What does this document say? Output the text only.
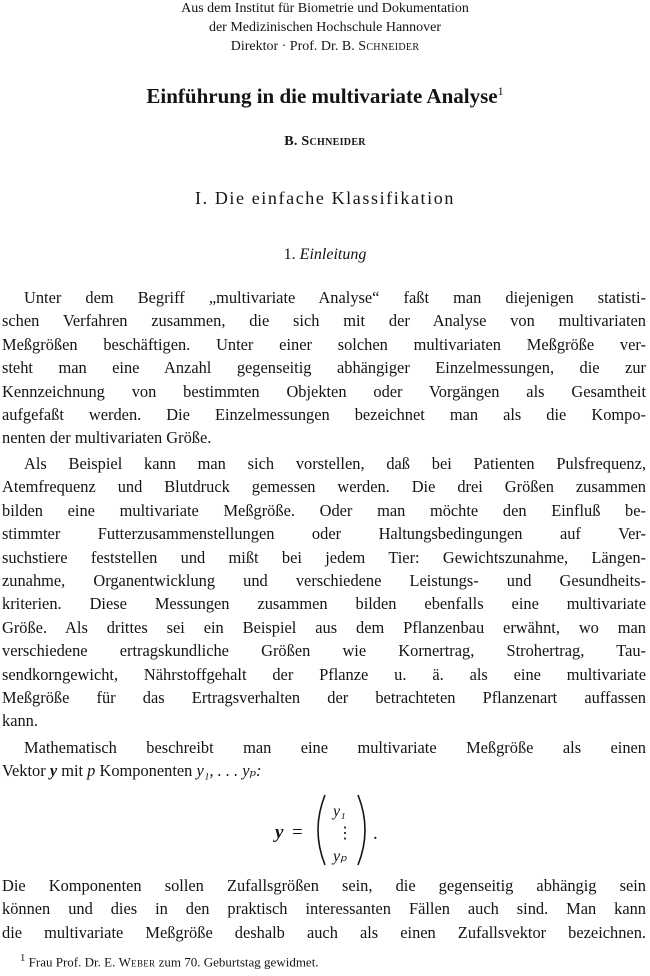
Aus dem Institut für Biometrie und Dokumentation
der Medizinischen Hochschule Hannover
Direktor · Prof. Dr. B. Schneider
Einführung in die multivariate Analyse$^1$
B. Schneider
I. Die einfache Klassifikation
1. Einleitung
Unter dem Begriff „multivariate Analyse“ faßt man diejenigen statisti-
schen Verfahren zusammen, die sich mit der Analyse von multivariaten
Meßgrößen beschäftigen. Unter einer solchen multivariaten Meßgröße ver-
steht man eine Anzahl gegenseitig abhängiger Einzelmessungen, die zur
Kennzeichnung von bestimmten Objekten oder Vorgängen als Gesamtheit
aufgefaßt werden. Die Einzelmessungen bezeichnet man als die Kompo-
nenten der multivariaten Größe.
Als Beispiel kann man sich vorstellen, daß bei Patienten Pulsfrequenz,
Atemfrequenz und Blutdruck gemessen werden. Die drei Größen zusammen
bilden eine multivariate Meßgröße. Oder man möchte den Einfluß be-
stimmter Futterzusammenstellungen oder Haltungsbedingungen auf Ver-
suchstiere feststellen und mißt bei jedem Tier: Gewichtszunahme, Längen-
zunahme, Organentwicklung und verschiedene Leistungs- und Gesundheits-
kriterien. Diese Messungen zusammen bilden ebenfalls eine multivariate
Größe. Als drittes sei ein Beispiel aus dem Pflanzenbau erwähnt, wo man
verschiedene ertragskundliche Größen wie Kornertrag, Strohertrag, Tau-
sendkorngewicht, Nährstoffgehalt der Pflanze u. ä. als eine multivariate
Meßgröße für das Ertragsverhalten der betrachteten Pflanzenart auffassen
kann.
Mathematisch beschreibt man eine multivariate Meßgröße als einen
Vektor y mit p Komponenten y₁, . . . yₚ:
y =
y₁
⋮
yₚ
.
Die Komponenten sollen Zufallsgrößen sein, die gegenseitig abhängig sein
können und dies in den praktisch interessanten Fällen auch sind. Man kann
die multivariate Meßgröße deshalb auch als einen Zufallsvektor bezeichnen.
$^1$ Frau Prof. Dr. E. Weber zum 70. Geburtstag gewidmet.
